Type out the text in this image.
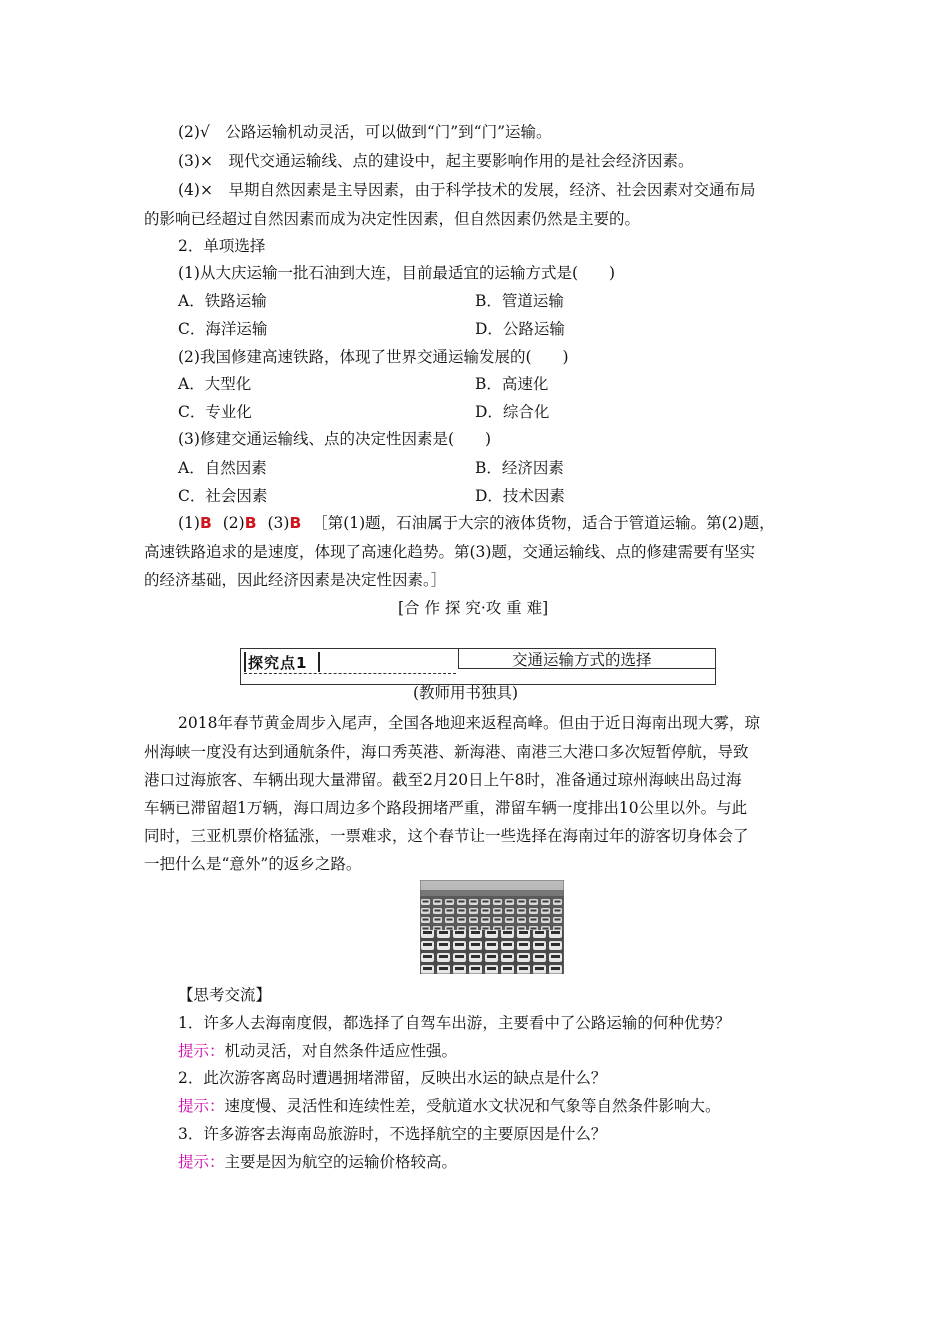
(2)√　公路运输机动灵活，可以做到“门”到“门”运输。
(3)×　现代交通运输线、点的建设中，起主要影响作用的是社会经济因素。
(4)×　早期自然因素是主导因素，由于科学技术的发展，经济、社会因素对交通布局
的影响已经超过自然因素而成为决定性因素，但自然因素仍然是主要的。
2．单项选择
(1)从大庆运输一批石油到大连，目前最适宜的运输方式是(　　)
A．铁路运输	B．管道运输
C．海洋运输	D．公路运输
(2)我国修建高速铁路，体现了世界交通运输发展的(　　)
A．大型化	B．高速化
C．专业化	D．综合化
(3)修建交通运输线、点的决定性因素是(　　)
A．自然因素	B．经济因素
C．社会因素	D．技术因素
(1)B (2)B (3)B ［第(1)题，石油属于大宗的液体货物，适合于管道运输。第(2)题，
高速铁路追求的是速度，体现了高速化趋势。第(3)题，交通运输线、点的修建需要有坚实
的经济基础，因此经济因素是决定性因素。］
[合 作 探 究·攻 重 难]
探究点1	交通运输方式的选择
(教师用书独具)
2018年春节黄金周步入尾声，全国各地迎来返程高峰。但由于近日海南出现大雾，琼
州海峡一度没有达到通航条件，海口秀英港、新海港、南港三大港口多次短暂停航，导致
港口过海旅客、车辆出现大量滞留。截至2月20日上午8时，准备通过琼州海峡出岛过海
车辆已滞留超1万辆，海口周边多个路段拥堵严重，滞留车辆一度排出10公里以外。与此
同时，三亚机票价格猛涨，一票难求，这个春节让一些选择在海南过年的游客切身体会了
一把什么是“意外”的返乡之路。
【思考交流】
1．许多人去海南度假，都选择了自驾车出游，主要看中了公路运输的何种优势？
提示：机动灵活，对自然条件适应性强。
2．此次游客离岛时遭遇拥堵滞留，反映出水运的缺点是什么？
提示：速度慢、灵活性和连续性差，受航道水文状况和气象等自然条件影响大。
3．许多游客去海南岛旅游时，不选择航空的主要原因是什么？
提示：主要是因为航空的运输价格较高。
